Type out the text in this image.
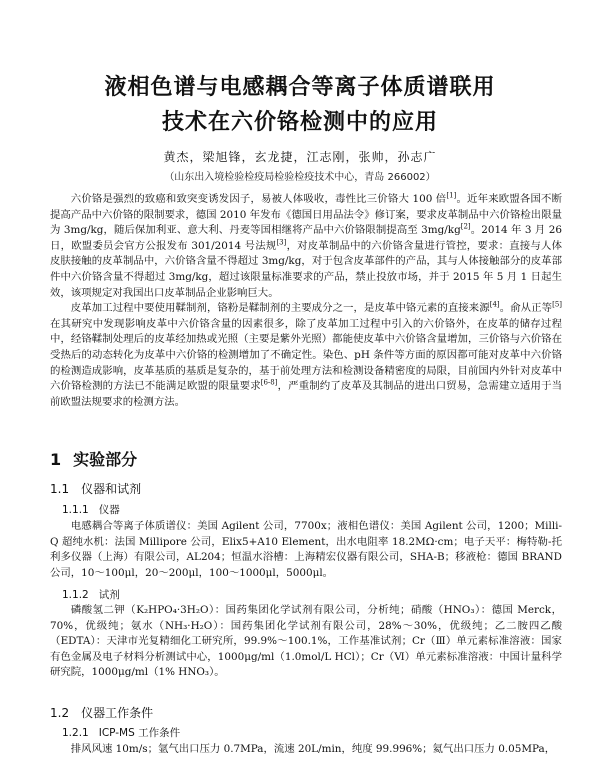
液相色谱与电感耦合等离子体质谱联用
技术在六价铬检测中的应用
黄杰，梁旭锋，玄龙捷，江志刚，张帅，孙志广
（山东出入境检验检疫局检验检疫技术中心，青岛 266002）

六价铬是强烈的致癌和致突变诱发因子，易被人体吸收，毒性比三价铬大 100 倍[1]。近年来欧盟各国不断提高产品中六价铬的限制要求，德国 2010 年发布《德国日用品法令》修订案，要求皮革制品中六价铬检出限量为 3mg/kg，随后保加利亚、意大利、丹麦等国相继将产品中六价铬限制提高至 3mg/kg[2]。2014 年 3 月 26 日，欧盟委员会官方公报发布 301/2014 号法规[3]，对皮革制品中的六价铬含量进行管控，要求：直接与人体皮肤接触的皮革制品中，六价铬含量不得超过 3mg/kg，对于包含皮革部件的产品，其与人体接触部分的皮革部件中六价铬含量不得超过 3mg/kg，超过该限量标准要求的产品，禁止投放市场，并于 2015 年 5 月 1 日起生效，该项规定对我国出口皮革制品企业影响巨大。

皮革加工过程中要使用鞣制剂，铬粉是鞣制剂的主要成分之一，是皮革中铬元素的直接来源[4]。俞从正等[5]在其研究中发现影响皮革中六价铬含量的因素很多，除了皮革加工过程中引入的六价铬外，在皮革的储存过程中，经铬鞣制处理后的皮革经加热或光照（主要是紫外光照）都能使皮革中六价铬含量增加，三价铬与六价铬在受热后的动态转化为皮革中六价铬的检测增加了不确定性。染色、pH 条件等方面的原因都可能对皮革中六价铬的检测造成影响，皮革基质的基质是复杂的，基于前处理方法和检测设备精密度的局限，目前国内外针对皮革中六价铬检测的方法已不能满足欧盟的限量要求[6-8]，严重制约了皮革及其制品的进出口贸易，急需建立适用于当前欧盟法规要求的检测方法。

1 实验部分
1.1 仪器和试剂
1.1.1 仪器

电感耦合等离子体质谱仪：美国 Agilent 公司，7700x；液相色谱仪：美国 Agilent 公司，1200；Milli-Q 超纯水机：法国 Millipore 公司，Elix5+A10 Element，出水电阻率 18.2MΩ·cm；电子天平：梅特勒-托利多仪器（上海）有限公司，AL204；恒温水浴槽：上海精宏仪器有限公司，SHA-B；移液枪：德国 BRAND 公司，10～100μl，20～200μl，100～1000μl，5000μl。

1.1.2 试剂

磷酸氢二钾（K₂HPO₄·3H₂O）：国药集团化学试剂有限公司，分析纯；硝酸（HNO₃）：德国 Merck，70%，优级纯；氨水（NH₃·H₂O）：国药集团化学试剂有限公司，28%～30%，优级纯；乙二胺四乙酸（EDTA）：天津市光复精细化工研究所，99.9%～100.1%，工作基准试剂；Cr（Ⅲ）单元素标准溶液：国家有色金属及电子材料分析测试中心，1000μg/ml（1.0mol/L HCl）；Cr（Ⅵ）单元素标准溶液：中国计量科学研究院，1000μg/ml（1% HNO₃）。

1.2 仪器工作条件
1.2.1 ICP-MS 工作条件

排风风速 10m/s；氩气出口压力 0.7MPa，流速 20L/min，纯度 99.996%；氦气出口压力 0.05MPa，
